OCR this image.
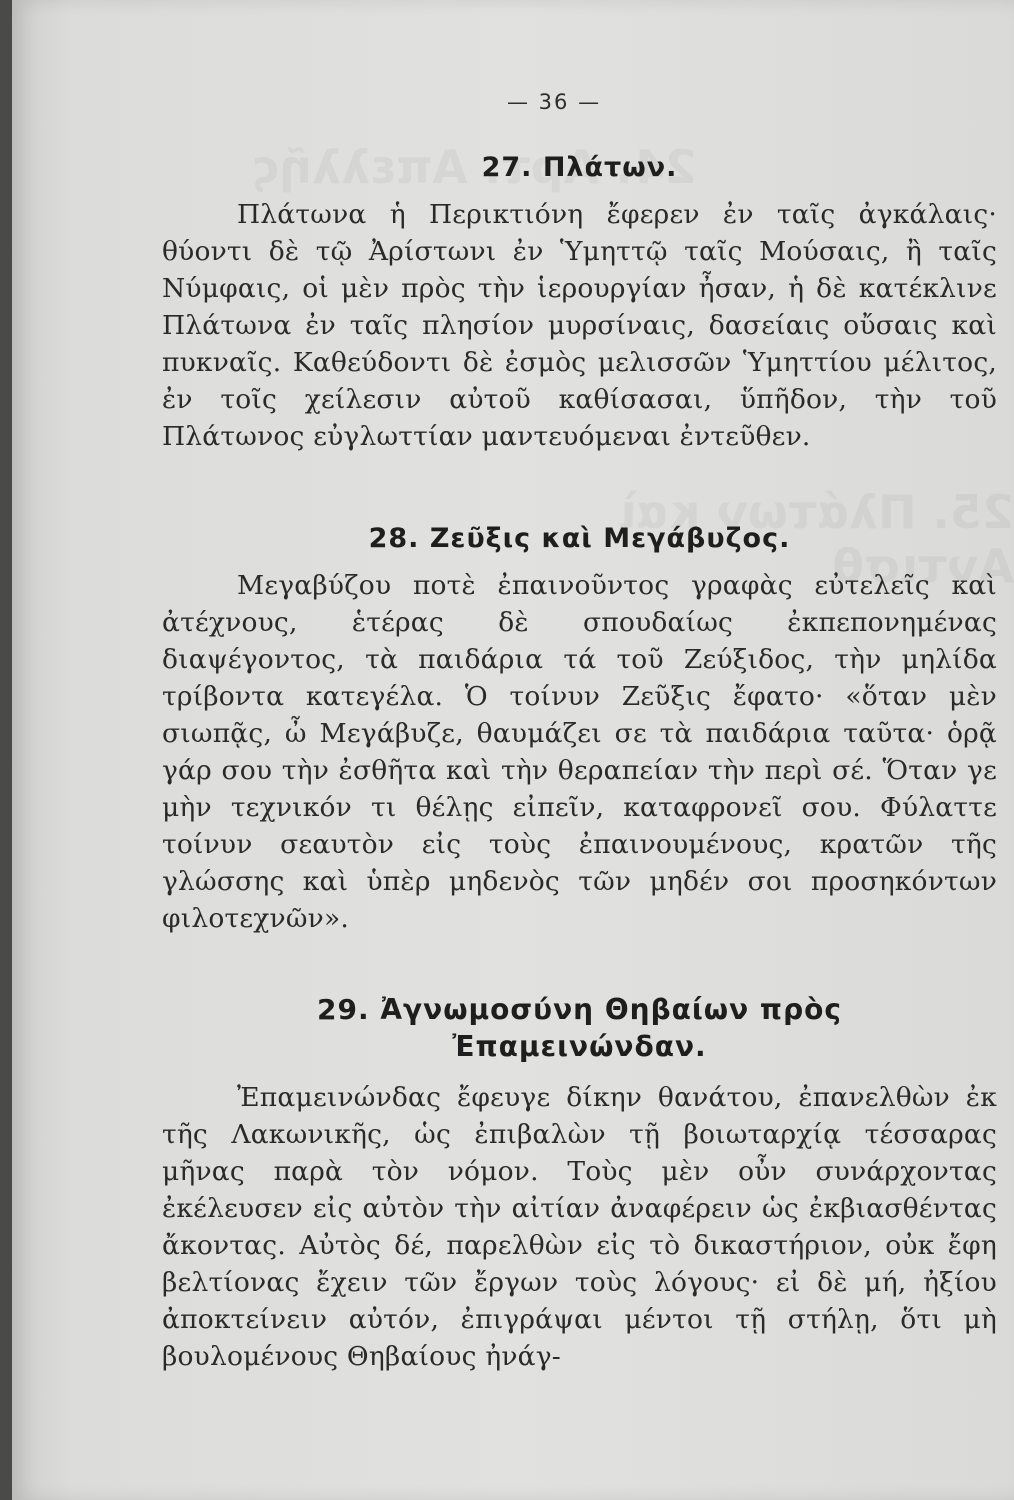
— 36 —
27. Πλάτων.

Πλάτωνα ἡ Περικτιόνη ἔφερεν ἐν ταῖς ἀγκάλαις· θύοντι δὲ τῷ Ἀρίστωνι ἐν Ὑμηττῷ ταῖς Μούσαις, ἢ ταῖς Νύμφαις, οἱ μὲν πρὸς τὴν ἱερουργίαν ἦσαν, ἡ δὲ κατέκλινε Πλάτωνα ἐν ταῖς πλησίον μυρσίναις, δασείαις οὔσαις καὶ πυκναῖς. Καθεύδοντι δὲ ἐσμὸς μελισσῶν Ὑμηττίου μέλιτος, ἐν τοῖς χείλεσιν αὐτοῦ καθίσασαι, ὕπῆδον, τὴν τοῦ Πλάτωνος εὐγλωττίαν μαντευόμεναι ἐντεῦθεν.

28. Ζεῦξις καὶ Μεγάβυζος.

Μεγαβύζου ποτὲ ἐπαινοῦντος γραφὰς εὐτελεῖς καὶ ἀτέχνους, ἑτέρας δὲ σπουδαίως ἐκπεπονημένας διαψέγοντος, τὰ παιδάρια τά τοῦ Ζεύξιδος, τὴν μηλίδα τρίβοντα κατεγέλα. Ὁ τοίνυν Ζεῦξις ἔφατο· «ὅταν μὲν σιωπᾷς, ὦ Μεγάβυζε, θαυμάζει σε τὰ παιδάρια ταῦτα· ὁρᾷ γάρ σου τὴν ἐσθῆτα καὶ τὴν θεραπείαν τὴν περὶ σέ. Ὅταν γε μὴν τεχνικόν τι θέλῃς εἰπεῖν, καταφρονεῖ σου. Φύλαττε τοίνυν σεαυτὸν εἰς τοὺς ἐπαινουμένους, κρατῶν τῆς γλώσσης καὶ ὑπὲρ μηδενὸς τῶν μηδέν σοι προσηκόντων φιλοτεχνῶν».

29. Ἀγνωμοσύνη Θηβαίων πρὸς
Ἐπαμεινώνδαν.

Ἐπαμεινώνδας ἔφευγε δίκην θανάτου, ἐπανελθὼν ἐκ τῆς Λακωνικῆς, ὡς ἐπιβαλὼν τῇ βοιωταρχίᾳ τέσσαρας μῆνας παρὰ τὸν νόμον. Τοὺς μὲν οὖν συνάρχοντας ἐκέλευσεν εἰς αὐτὸν τὴν αἰτίαν ἀναφέρειν ὡς ἐκβιασθέντας ἄκοντας. Αὐτὸς δέ, παρελθὼν εἰς τὸ δικαστήριον, οὐκ ἔφη βελτίονας ἔχειν τῶν ἔργων τοὺς λόγους· εἰ δὲ μή, ἠξίου ἀποκτείνειν αὐτόν, ἐπιγράψαι μέντοι τῇ στήλῃ, ὅτι μὴ βουλομένους Θηβαίους ἠνάγ-
